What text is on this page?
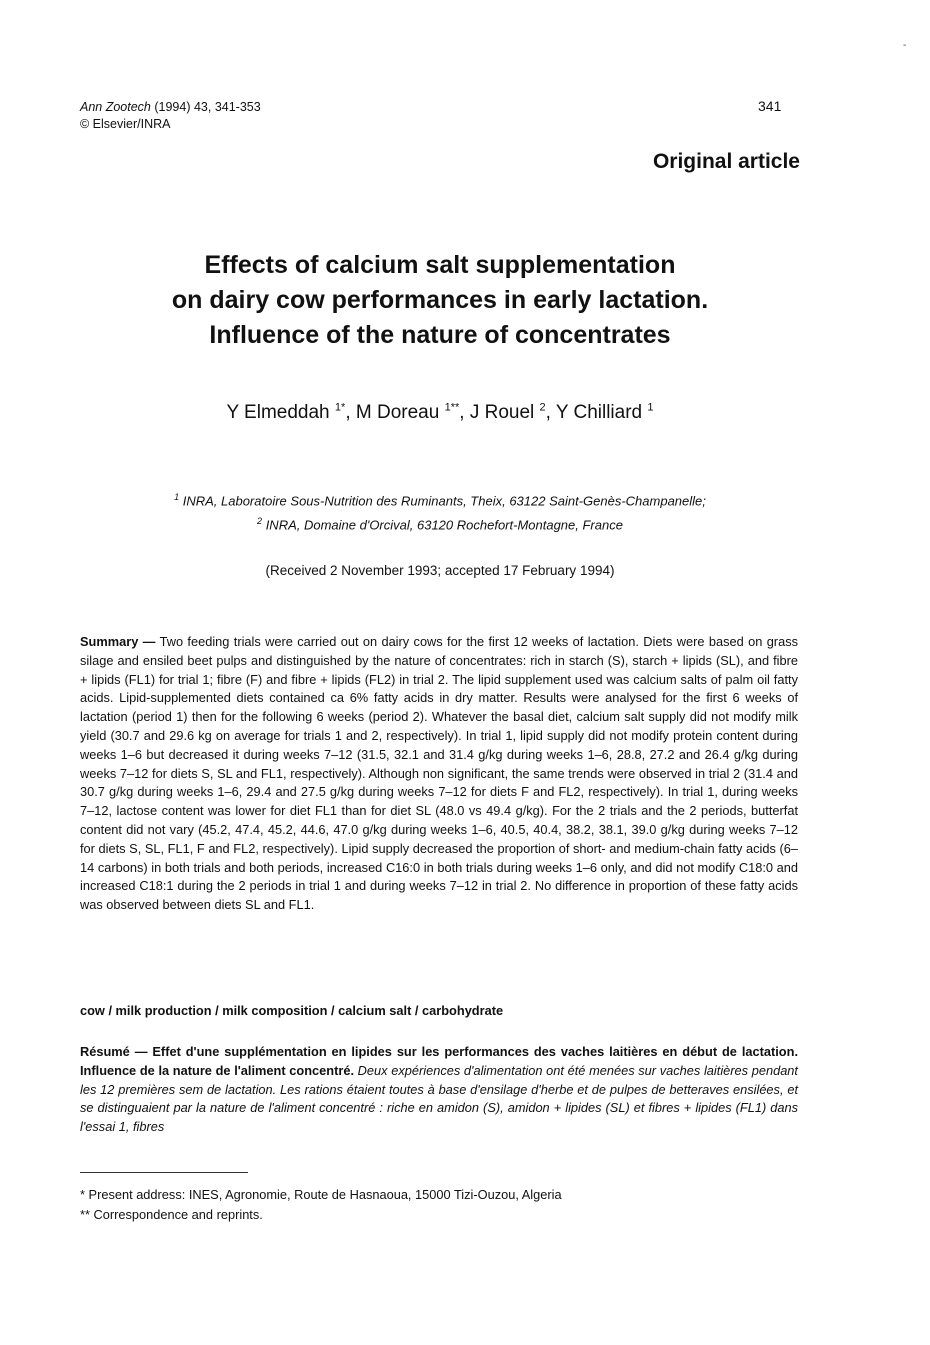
-
Ann Zootech (1994) 43, 341-353
© Elsevier/INRA
341
Original article
Effects of calcium salt supplementation
on dairy cow performances in early lactation.
Influence of the nature of concentrates
Y Elmeddah $^{1*}$, M Doreau $^{1**}$, J Rouel $^2$, Y Chilliard $^1$
$^1$ INRA, Laboratoire Sous-Nutrition des Ruminants, Theix, 63122 Saint-Genès-Champanelle;
$^2$ INRA, Domaine d'Orcival, 63120 Rochefort-Montagne, France
(Received 2 November 1993; accepted 17 February 1994)
Summary — Two feeding trials were carried out on dairy cows for the first 12 weeks of lactation. Diets were based on grass silage and ensiled beet pulps and distinguished by the nature of concentrates: rich in starch (S), starch + lipids (SL), and fibre + lipids (FL1) for trial 1; fibre (F) and fibre + lipids (FL2) in trial 2. The lipid supplement used was calcium salts of palm oil fatty acids. Lipid-supplemented diets contained ca 6% fatty acids in dry matter. Results were analysed for the first 6 weeks of lactation (period 1) then for the following 6 weeks (period 2). Whatever the basal diet, calcium salt supply did not modify milk yield (30.7 and 29.6 kg on average for trials 1 and 2, respectively). In trial 1, lipid supply did not modify protein content during weeks 1–6 but decreased it during weeks 7–12 (31.5, 32.1 and 31.4 g/kg during weeks 1–6, 28.8, 27.2 and 26.4 g/kg during weeks 7–12 for diets S, SL and FL1, respectively). Although non significant, the same trends were observed in trial 2 (31.4 and 30.7 g/kg during weeks 1–6, 29.4 and 27.5 g/kg during weeks 7–12 for diets F and FL2, respectively). In trial 1, during weeks 7–12, lactose content was lower for diet FL1 than for diet SL (48.0 vs 49.4 g/kg). For the 2 trials and the 2 periods, butterfat content did not vary (45.2, 47.4, 45.2, 44.6, 47.0 g/kg during weeks 1–6, 40.5, 40.4, 38.2, 38.1, 39.0 g/kg during weeks 7–12 for diets S, SL, FL1, F and FL2, respectively). Lipid supply decreased the proportion of short- and medium-chain fatty acids (6–14 carbons) in both trials and both periods, increased C16:0 in both trials during weeks 1–6 only, and did not modify C18:0 and increased C18:1 during the 2 periods in trial 1 and during weeks 7–12 in trial 2. No difference in proportion of these fatty acids was observed between diets SL and FL1.
cow / milk production / milk composition / calcium salt / carbohydrate
Résumé — Effet d'une supplémentation en lipides sur les performances des vaches laitières en début de lactation. Influence de la nature de l'aliment concentré. Deux expériences d'alimentation ont été menées sur vaches laitières pendant les 12 premières sem de lactation. Les rations étaient toutes à base d'ensilage d'herbe et de pulpes de betteraves ensilées, et se distinguaient par la nature de l'aliment concentré : riche en amidon (S), amidon + lipides (SL) et fibres + lipides (FL1) dans l'essai 1, fibres
* Present address: INES, Agronomie, Route de Hasnaoua, 15000 Tizi-Ouzou, Algeria
** Correspondence and reprints.
